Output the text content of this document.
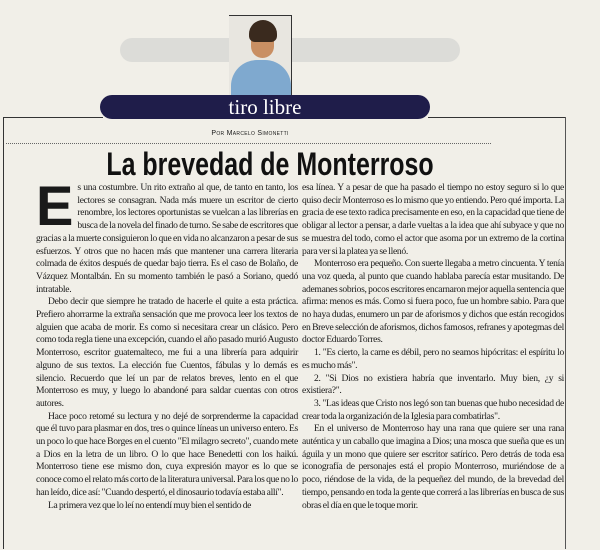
tiro libre
Por Marcelo Simonetti
La brevedad de Monterroso

Es una costumbre. Un rito extraño al que, de tanto en tanto, los lectores se consagran. Nada más muere un escritor de cierto renombre, los lectores oportunistas se vuelcan a las librerías en busca de la novela del finado de turno. Se sabe de escritores que gracias a la muerte consiguieron lo que en vida no alcanzaron a pesar de sus esfuerzos. Y otros que no hacen más que mantener una carrera literaria colmada de éxitos después de quedar bajo tierra. Es el caso de Bolaño, de Vázquez Montalbán. En su momento también le pasó a Soriano, quedó intratable.

Debo decir que siempre he tratado de hacerle el quite a esta práctica. Prefiero ahorrarme la extraña sensación que me provoca leer los textos de alguien que acaba de morir. Es como si necesitara crear un clásico. Pero como toda regla tiene una excepción, cuando el año pasado murió Augusto Monterroso, escritor guatemalteco, me fui a una librería para adquirir alguno de sus textos. La elección fue Cuentos, fábulas y lo demás es silencio. Recuerdo que leí un par de relatos breves, lento en el que Monterroso es muy, y luego lo abandoné para saldar cuentas con otros autores.

Hace poco retomé su lectura y no dejé de sorprenderme la capacidad que él tuvo para plasmar en dos, tres o quince líneas un universo entero. Es un poco lo que hace Borges en el cuento "El milagro secreto", cuando mete a Dios en la letra de un libro. O lo que hace Benedetti con los haikú. Monterroso tiene ese mismo don, cuya expresión mayor es lo que se conoce como el relato más corto de la literatura universal. Para los que no lo han leído, dice así: "Cuando despertó, el dinosaurio todavía estaba allí".

La primera vez que lo leí no entendí muy bien el sentido de

esa línea. Y a pesar de que ha pasado el tiempo no estoy seguro si lo que quiso decir Monterroso es lo mismo que yo entiendo. Pero qué importa. La gracia de ese texto radica precisamente en eso, en la capacidad que tiene de obligar al lector a pensar, a darle vueltas a la idea que ahí subyace y que no se muestra del todo, como el actor que asoma por un extremo de la cortina para ver si la platea ya se llenó.

Monterroso era pequeño. Con suerte llegaba a metro cincuenta. Y tenía una voz queda, al punto que cuando hablaba parecía estar musitando. De ademanes sobrios, pocos escritores encarnaron mejor aquella sentencia que afirma: menos es más. Como si fuera poco, fue un hombre sabio. Para que no haya dudas, enumero un par de aforismos y dichos que están recogidos en Breve selección de aforismos, dichos famosos, refranes y apotegmas del doctor Eduardo Torres.

1. "Es cierto, la carne es débil, pero no seamos hipócritas: el espíritu lo es mucho más".

2. "Si Dios no existiera habría que inventarlo. Muy bien, ¿y si existiera?".

3. "Las ideas que Cristo nos legó son tan buenas que hubo necesidad de crear toda la organización de la Iglesia para combatirlas".

En el universo de Monterroso hay una rana que quiere ser una rana auténtica y un caballo que imagina a Dios; una mosca que sueña que es un águila y un mono que quiere ser escritor satírico. Pero detrás de toda esa iconografía de personajes está el propio Monterroso, muriéndose de a poco, riéndose de la vida, de la pequeñez del mundo, de la brevedad del tiempo, pensando en toda la gente que correrá a las librerías en busca de sus obras el día en que le toque morir.
